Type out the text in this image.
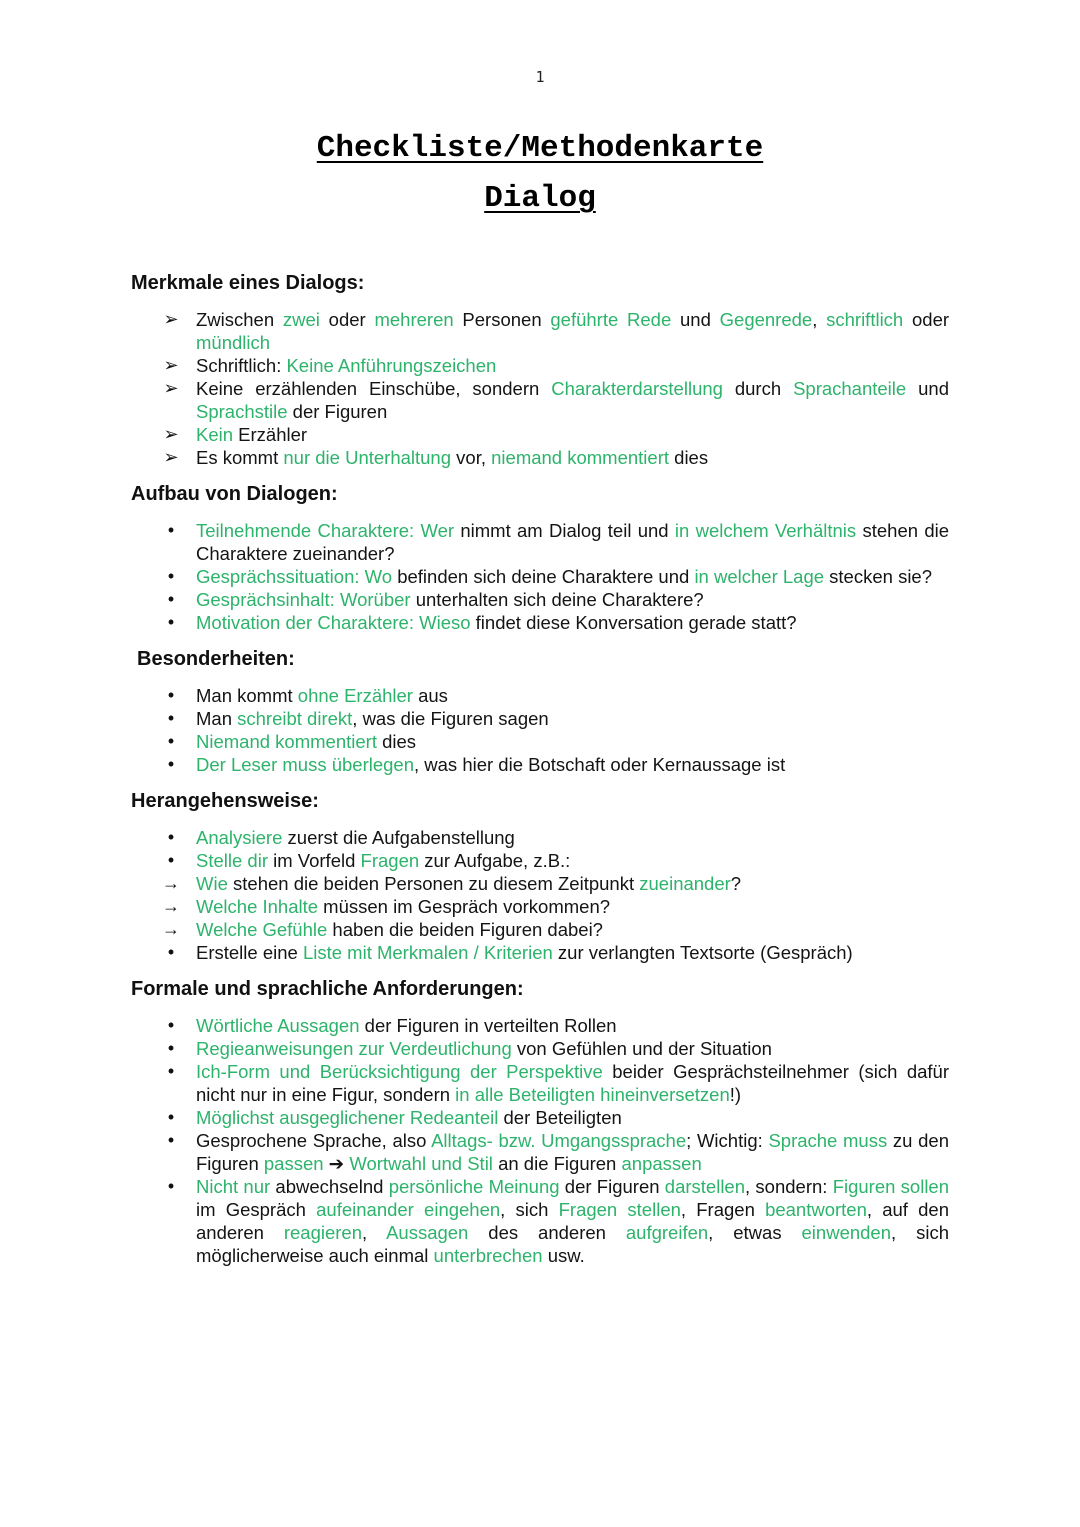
1
Checkliste/Methodenkarte
Dialog
Merkmale eines Dialogs:
➢ Zwischen zwei oder mehreren Personen geführte Rede und Gegenrede, schriftlich oder mündlich
➢ Schriftlich: Keine Anführungszeichen
➢ Keine erzählenden Einschübe, sondern Charakterdarstellung durch Sprachanteile und Sprachstile der Figuren
➢ Kein Erzähler
➢ Es kommt nur die Unterhaltung vor, niemand kommentiert dies
Aufbau von Dialogen:
•	Teilnehmende Charaktere: Wer nimmt am Dialog teil und in welchem Verhältnis stehen die Charaktere zueinander?
•	Gesprächssituation: Wo befinden sich deine Charaktere und in welcher Lage stecken sie?
•	Gesprächsinhalt: Worüber unterhalten sich deine Charaktere?
•	Motivation der Charaktere: Wieso findet diese Konversation gerade statt?
Besonderheiten:
•	Man kommt ohne Erzähler aus
•	Man schreibt direkt, was die Figuren sagen
•	Niemand kommentiert dies
•	Der Leser muss überlegen, was hier die Botschaft oder Kernaussage ist
Herangehensweise:
•	Analysiere zuerst die Aufgabenstellung
•	Stelle dir im Vorfeld Fragen zur Aufgabe, z.B.:
→ Wie stehen die beiden Personen zu diesem Zeitpunkt zueinander?
→ Welche Inhalte müssen im Gespräch vorkommen?
→ Welche Gefühle haben die beiden Figuren dabei?
•	Erstelle eine Liste mit Merkmalen / Kriterien zur verlangten Textsorte (Gespräch)
Formale und sprachliche Anforderungen:
•	Wörtliche Aussagen der Figuren in verteilten Rollen
•	Regieanweisungen zur Verdeutlichung von Gefühlen und der Situation
•	Ich-Form und Berücksichtigung der Perspektive beider Gesprächsteilnehmer (sich dafür nicht nur in eine Figur, sondern in alle Beteiligten hineinversetzen!)
•	Möglichst ausgeglichener Redeanteil der Beteiligten
•	Gesprochene Sprache, also Alltags- bzw. Umgangssprache; Wichtig: Sprache muss zu den Figuren passen ➔ Wortwahl und Stil an die Figuren anpassen
•	Nicht nur abwechselnd persönliche Meinung der Figuren darstellen, sondern: Figuren sollen im Gespräch aufeinander eingehen, sich Fragen stellen, Fragen beantworten, auf den anderen reagieren, Aussagen des anderen aufgreifen, etwas einwenden, sich möglicherweise auch einmal unterbrechen usw.
